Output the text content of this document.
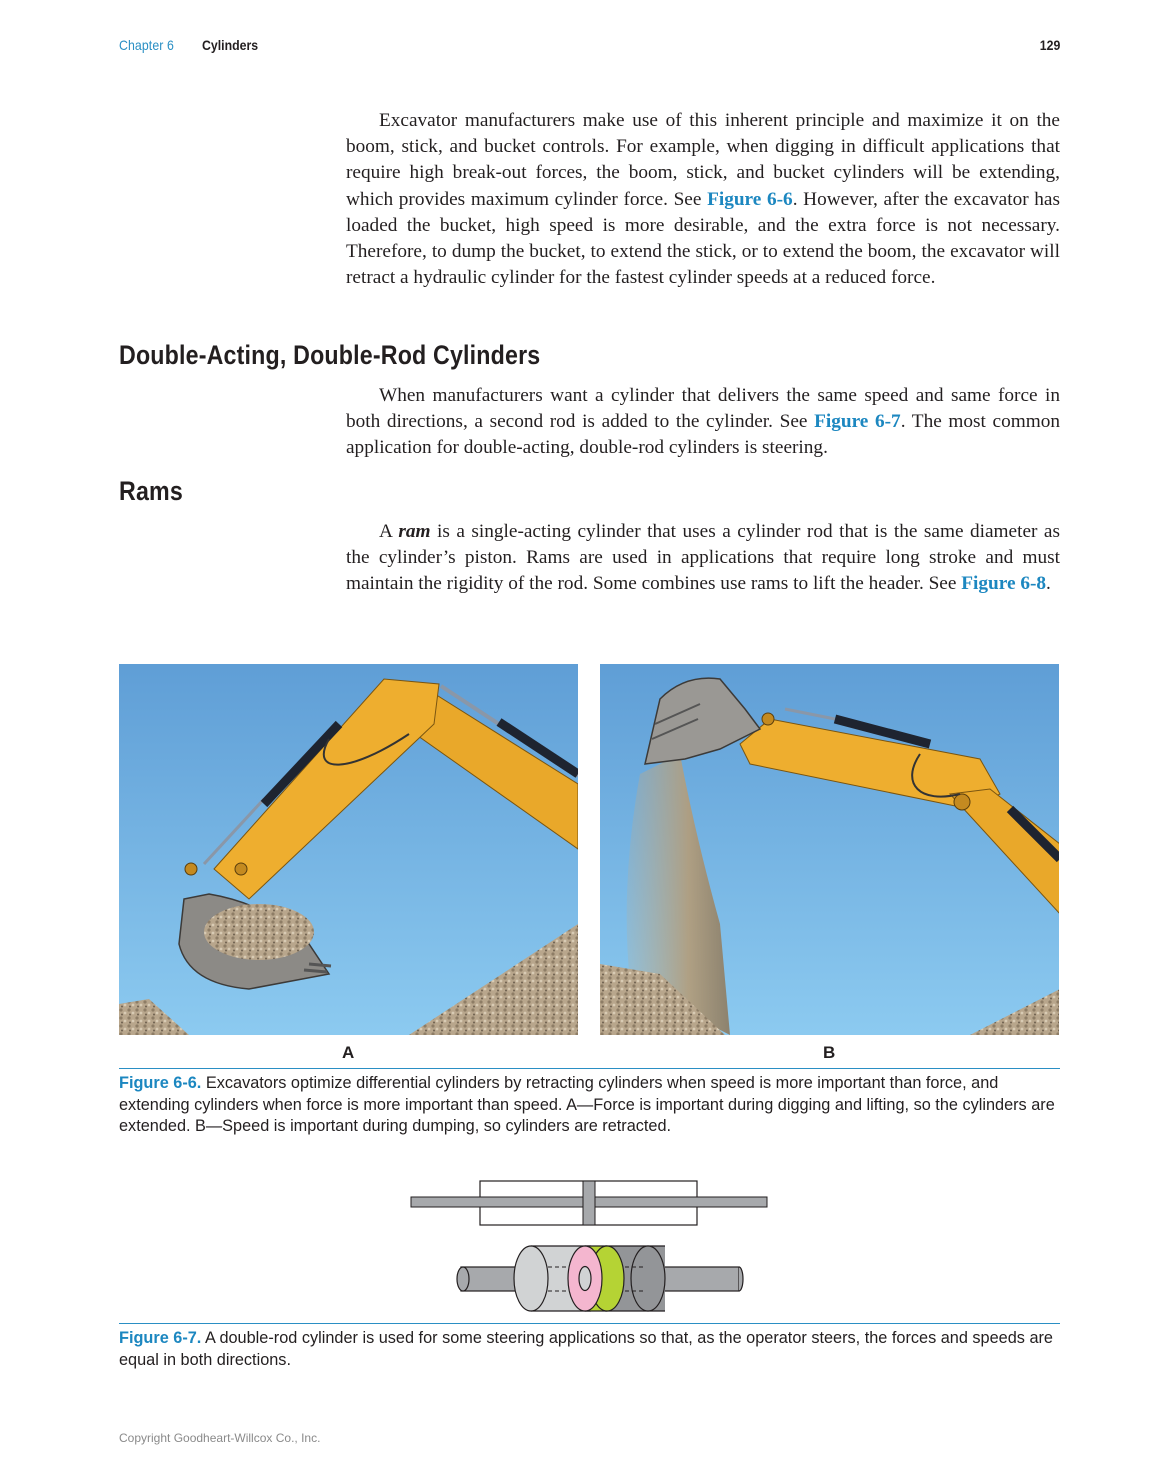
Chapter 6 Cylinders	129

Excavator manufacturers make use of this inherent principle and maximize it on the boom, stick, and bucket controls. For example, when digging in difficult applications that require high break-out forces, the boom, stick, and bucket cylinders will be extending, which provides maximum cylinder force. See Figure 6-6. However, after the excavator has loaded the bucket, high speed is more desirable, and the extra force is not necessary. Therefore, to dump the bucket, to extend the stick, or to extend the boom, the excavator will retract a hydraulic cylinder for the fastest cylinder speeds at a reduced force.

Double-Acting, Double-Rod Cylinders

When manufacturers want a cylinder that delivers the same speed and same force in both directions, a second rod is added to the cylinder. See Figure 6-7. The most common application for double-acting, double-rod cylinders is steering.

Rams

A ram is a single-acting cylinder that uses a cylinder rod that is the same diameter as the cylinder’s piston. Rams are used in applications that require long stroke and must maintain the rigidity of the rod. Some combines use rams to lift the header. See Figure 6-8.

A	B
Figure 6-6. Excavators optimize differential cylinders by retracting cylinders when speed is more important than force, and extending cylinders when force is more important than speed. A—Force is important during digging and lifting, so the cylinders are extended. B—Speed is important during dumping, so cylinders are retracted.
Figure 6-7. A double-rod cylinder is used for some steering applications so that, as the operator steers, the forces and speeds are equal in both directions.
Copyright Goodheart-Willcox Co., Inc.
